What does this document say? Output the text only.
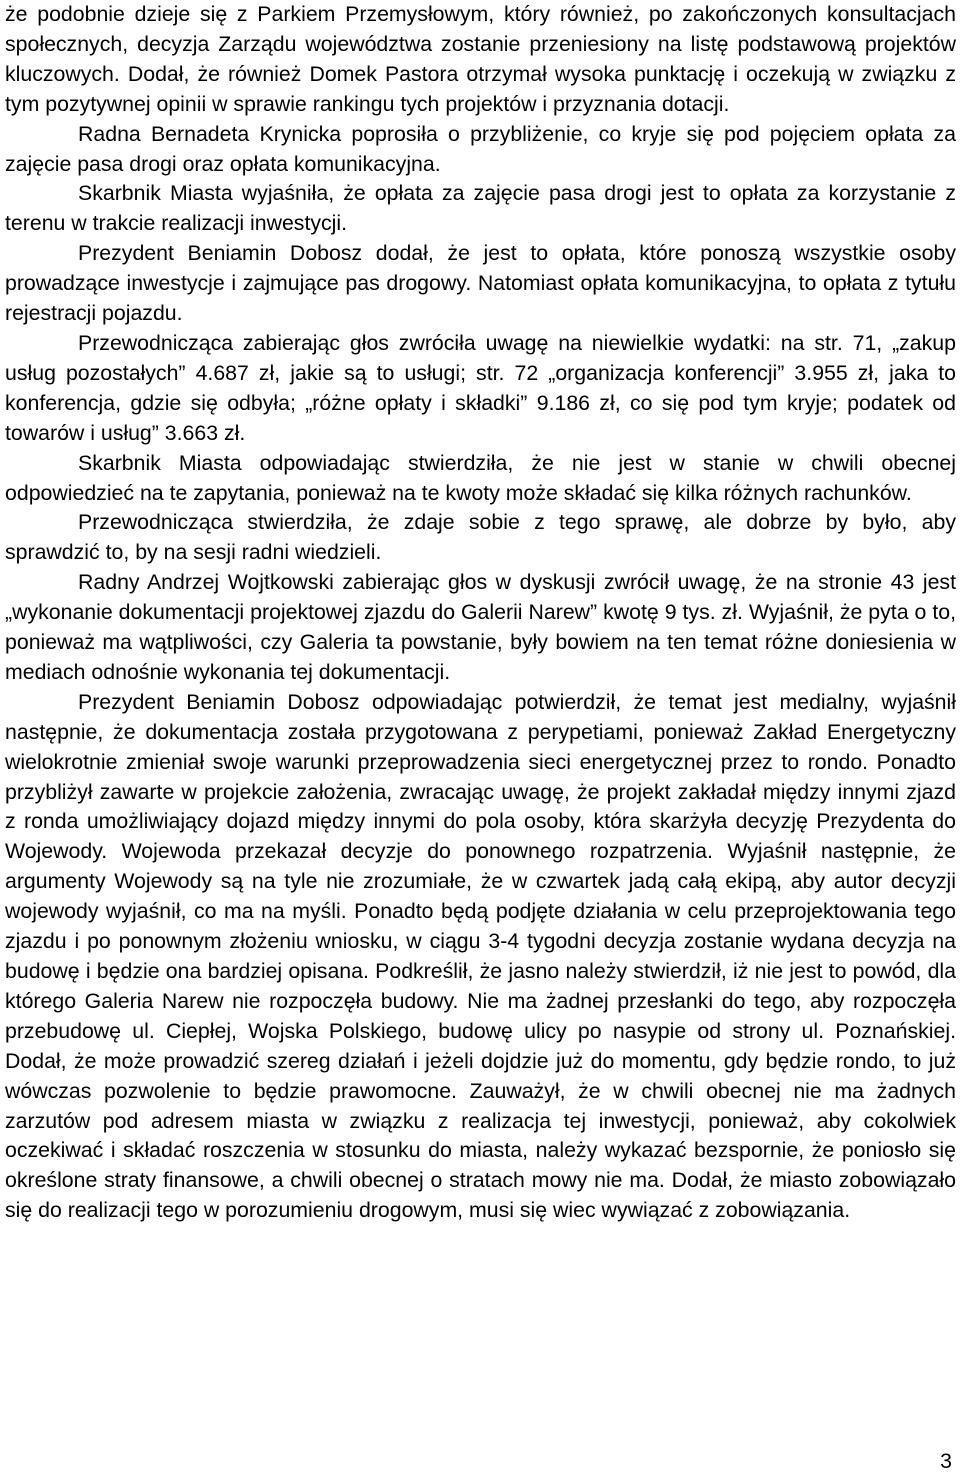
że podobnie dzieje się z Parkiem Przemysłowym, który również, po zakończonych konsultacjach społecznych, decyzja Zarządu województwa zostanie przeniesiony na listę podstawową projektów kluczowych. Dodał, że również Domek Pastora otrzymał wysoka punktację i oczekują w związku z tym pozytywnej opinii w sprawie rankingu tych projektów i przyznania dotacji.

Radna Bernadeta Krynicka poprosiła o przybliżenie, co kryje się pod pojęciem opłata za zajęcie pasa drogi oraz opłata komunikacyjna.

Skarbnik Miasta wyjaśniła, że opłata za zajęcie pasa drogi jest to opłata za korzystanie z terenu w trakcie realizacji inwestycji.

Prezydent Beniamin Dobosz dodał, że jest to opłata, które ponoszą wszystkie osoby prowadzące inwestycje i zajmujące pas drogowy. Natomiast opłata komunikacyjna, to opłata z tytułu rejestracji pojazdu.

Przewodnicząca zabierając głos zwróciła uwagę na niewielkie wydatki: na str. 71, „zakup usług pozostałych” 4.687 zł, jakie są to usługi; str. 72 „organizacja konferencji” 3.955 zł, jaka to konferencja, gdzie się odbyła; „różne opłaty i składki” 9.186 zł, co się pod tym kryje; podatek od towarów i usług” 3.663 zł.

Skarbnik Miasta odpowiadając stwierdziła, że nie jest w stanie w chwili obecnej odpowiedzieć na te zapytania, ponieważ na te kwoty może składać się kilka różnych rachunków.

Przewodnicząca stwierdziła, że zdaje sobie z tego sprawę, ale dobrze by było, aby sprawdzić to, by na sesji radni wiedzieli.

Radny Andrzej Wojtkowski zabierając głos w dyskusji zwrócił uwagę, że na stronie 43 jest „wykonanie dokumentacji projektowej zjazdu do Galerii Narew” kwotę 9 tys. zł. Wyjaśnił, że pyta o to, ponieważ ma wątpliwości, czy Galeria ta powstanie, były bowiem na ten temat różne doniesienia w mediach odnośnie wykonania tej dokumentacji.

Prezydent Beniamin Dobosz odpowiadając potwierdził, że temat jest medialny, wyjaśnił następnie, że dokumentacja została przygotowana z perypetiami, ponieważ Zakład Energetyczny wielokrotnie zmieniał swoje warunki przeprowadzenia sieci energetycznej przez to rondo. Ponadto przybliżył zawarte w projekcie założenia, zwracając uwagę, że projekt zakładał między innymi zjazd z ronda umożliwiający dojazd między innymi do pola osoby, która skarżyła decyzję Prezydenta do Wojewody. Wojewoda przekazał decyzje do ponownego rozpatrzenia. Wyjaśnił następnie, że argumenty Wojewody są na tyle nie zrozumiałe, że w czwartek jadą całą ekipą, aby autor decyzji wojewody wyjaśnił, co ma na myśli. Ponadto będą podjęte działania w celu przeprojektowania tego zjazdu i po ponownym złożeniu wniosku, w ciągu 3-4 tygodni decyzja zostanie wydana decyzja na budowę i będzie ona bardziej opisana. Podkreślił, że jasno należy stwierdził, iż nie jest to powód, dla którego Galeria Narew nie rozpoczęła budowy. Nie ma żadnej przesłanki do tego, aby rozpoczęła przebudowę ul. Ciepłej, Wojska Polskiego, budowę ulicy po nasypie od strony ul. Poznańskiej. Dodał, że może prowadzić szereg działań i jeżeli dojdzie już do momentu, gdy będzie rondo, to już wówczas pozwolenie to będzie prawomocne. Zauważył, że w chwili obecnej nie ma żadnych zarzutów pod adresem miasta w związku z realizacja tej inwestycji, ponieważ, aby cokolwiek oczekiwać i składać roszczenia w stosunku do miasta, należy wykazać bezspornie, że poniosło się określone straty finansowe, a chwili obecnej o stratach mowy nie ma. Dodał, że miasto zobowiązało się do realizacji tego w porozumieniu drogowym, musi się wiec wywiązać z zobowiązania.

3
